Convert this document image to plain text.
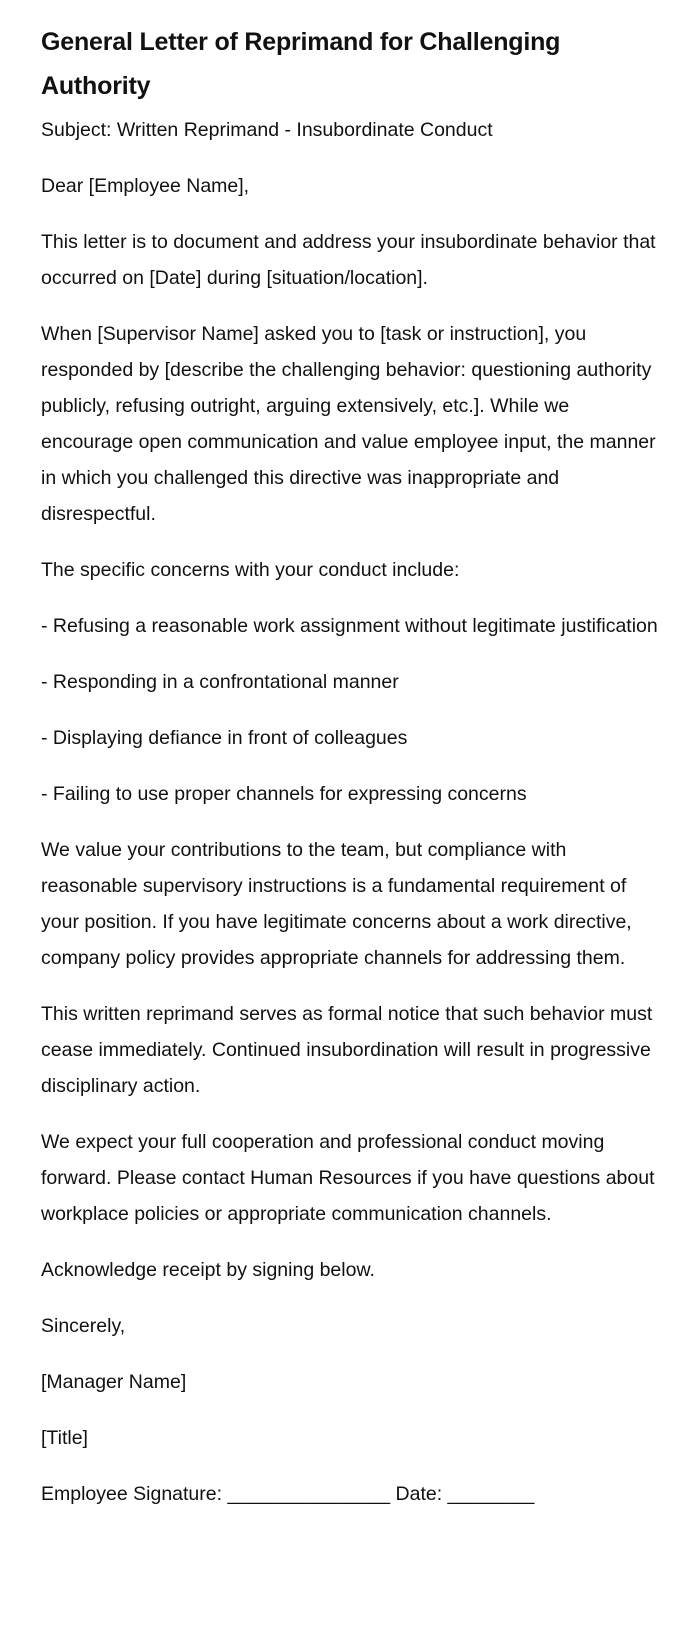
General Letter of Reprimand for Challenging Authority

Subject: Written Reprimand - Insubordinate Conduct

Dear [Employee Name],

This letter is to document and address your insubordinate behavior that occurred on [Date] during [situation/location].

When [Supervisor Name] asked you to [task or instruction], you responded by [describe the challenging behavior: questioning authority publicly, refusing outright, arguing extensively, etc.]. While we encourage open communication and value employee input, the manner in which you challenged this directive was inappropriate and disrespectful.

The specific concerns with your conduct include:

- Refusing a reasonable work assignment without legitimate justification

- Responding in a confrontational manner

- Displaying defiance in front of colleagues

- Failing to use proper channels for expressing concerns

We value your contributions to the team, but compliance with reasonable supervisory instructions is a fundamental requirement of your position. If you have legitimate concerns about a work directive, company policy provides appropriate channels for addressing them.

This written reprimand serves as formal notice that such behavior must cease immediately. Continued insubordination will result in progressive disciplinary action.

We expect your full cooperation and professional conduct moving forward. Please contact Human Resources if you have questions about workplace policies or appropriate communication channels.

Acknowledge receipt by signing below.

Sincerely,

[Manager Name]

[Title]

Employee Signature: _______________ Date: ________
